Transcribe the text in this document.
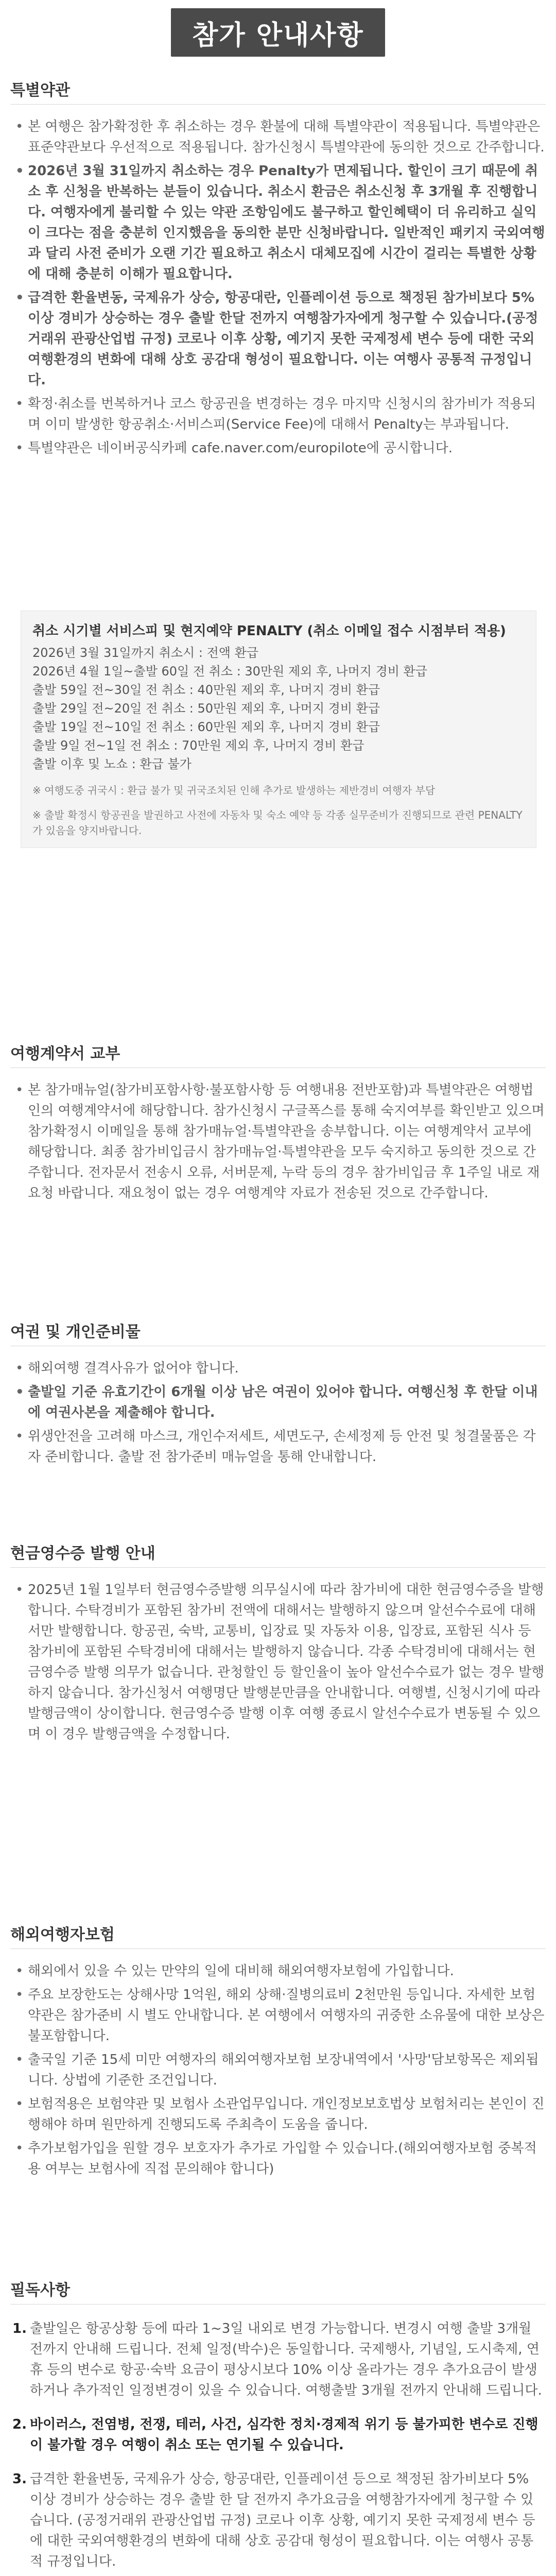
참가 안내사항
특별약관
• 본 여행은 참가확정한 후 취소하는 경우 환불에 대해 특별약관이 적용됩니다. 특별약관은 표준약관보다 우선적으로 적용됩니다. 참가신청시 특별약관에 동의한 것으로 간주합니다.
• 2026년 3월 31일까지 취소하는 경우 Penalty가 면제됩니다. 할인이 크기 때문에 취소 후 신청을 반복하는 분들이 있습니다. 취소시 환금은 취소신청 후 3개월 후 진행합니다. 여행자에게 불리할 수 있는 약관 조항임에도 불구하고 할인혜택이 더 유리하고 실익이 크다는 점을 충분히 인지했음을 동의한 분만 신청바랍니다. 일반적인 패키지 국외여행과 달리 사전 준비가 오랜 기간 필요하고 취소시 대체모집에 시간이 걸리는 특별한 상황에 대해 충분히 이해가 필요합니다.
• 급격한 환율변동, 국제유가 상승, 항공대란, 인플레이션 등으로 책정된 참가비보다 5% 이상 경비가 상승하는 경우 출발 한달 전까지 여행참가자에게 청구할 수 있습니다.(공정거래위 관광산업법 규정) 코로나 이후 상황, 예기지 못한 국제정세 변수 등에 대한 국외여행환경의 변화에 대해 상호 공감대 형성이 필요합니다. 이는 여행사 공통적 규정입니다.
• 확정·취소를 번복하거나 코스 항공권을 변경하는 경우 마지막 신청시의 참가비가 적용되며 이미 발생한 항공취소·서비스피(Service Fee)에 대해서 Penalty는 부과됩니다.
• 특별약관은 네이버공식카페 cafe.naver.com/europilote에 공시합니다.
취소 시기별 서비스피 및 현지예약 PENALTY (취소 이메일 접수 시점부터 적용)
2026년 3월 31일까지 취소시 : 전액 환급
2026년 4월 1일~출발 60일 전 취소 : 30만원 제외 후, 나머지 경비 환급
출발 59일 전~30일 전 취소 : 40만원 제외 후, 나머지 경비 환급
출발 29일 전~20일 전 취소 : 50만원 제외 후, 나머지 경비 환급
출발 19일 전~10일 전 취소 : 60만원 제외 후, 나머지 경비 환급
출발 9일 전~1일 전 취소 : 70만원 제외 후, 나머지 경비 환급
출발 이후 및 노쇼 : 환급 불가
※ 여행도중 귀국시 : 환급 불가 및 귀국조치된 인해 추가로 발생하는 제반경비 여행자 부담
※ 출발 확정시 항공권을 발권하고 사전에 자동차 및 숙소 예약 등 각종 실무준비가 진행되므로 관련 PENALTY가 있음을 양지바랍니다.
여행계약서 교부
• 본 참가매뉴얼(참가비포함사항·불포함사항 등 여행내용 전반포함)과 특별약관은 여행법인의 여행계약서에 해당합니다. 참가신청시 구글폭스를 통해 숙지여부를 확인받고 있으며 참가확정시 이메일을 통해 참가매뉴얼·특별약관을 송부합니다. 이는 여행계약서 교부에 해당합니다. 최종 참가비입금시 참가매뉴얼·특별약관을 모두 숙지하고 동의한 것으로 간주합니다. 전자문서 전송시 오류, 서버문제, 누락 등의 경우 참가비입금 후 1주일 내로 재요청 바랍니다. 재요청이 없는 경우 여행계약 자료가 전송된 것으로 간주합니다.
여권 및 개인준비물
• 해외여행 결격사유가 없어야 합니다.
• 출발일 기준 유효기간이 6개월 이상 남은 여권이 있어야 합니다. 여행신청 후 한달 이내에 여권사본을 제출해야 합니다.
• 위생안전을 고려해 마스크, 개인수저세트, 세면도구, 손세정제 등 안전 및 청결물품은 각자 준비합니다. 출발 전 참가준비 매뉴얼을 통해 안내합니다.
현금영수증 발행 안내
• 2025년 1월 1일부터 현금영수증발행 의무실시에 따라 참가비에 대한 현금영수증을 발행합니다. 수탁경비가 포함된 참가비 전액에 대해서는 발행하지 않으며 알선수수료에 대해서만 발행합니다. 항공권, 숙박, 교통비, 입장료 및 자동차 이용, 입장료, 포함된 식사 등 참가비에 포함된 수탁경비에 대해서는 발행하지 않습니다. 각종 수탁경비에 대해서는 현금영수증 발행 의무가 없습니다. 관청할인 등 할인율이 높아 알선수수료가 없는 경우 발행하지 않습니다. 참가신청서 여행명단 발행분만큼을 안내합니다. 여행별, 신청시기에 따라 발행금액이 상이합니다. 현금영수증 발행 이후 여행 종료시 알선수수료가 변동될 수 있으며 이 경우 발행금액을 수정합니다.
해외여행자보험
• 해외에서 있을 수 있는 만약의 일에 대비해 해외여행자보험에 가입합니다.
• 주요 보장한도는 상해사망 1억원, 해외 상해·질병의료비 2천만원 등입니다. 자세한 보험약관은 참가준비 시 별도 안내합니다. 본 여행에서 여행자의 귀중한 소유물에 대한 보상은 불포함합니다.
• 출국일 기준 15세 미만 여행자의 해외여행자보험 보장내역에서 '사망'담보항목은 제외됩니다. 상법에 기준한 조건입니다.
• 보험적용은 보험약관 및 보험사 소관업무입니다. 개인정보보호법상 보험처리는 본인이 진행해야 하며 원만하게 진행되도록 주최측이 도움을 줍니다.
• 추가보험가입을 원할 경우 보호자가 추가로 가입할 수 있습니다.(해외여행자보험 중복적용 여부는 보험사에 직접 문의해야 합니다)
필독사항
1. 출발일은 항공상황 등에 따라 1~3일 내외로 변경 가능합니다. 변경시 여행 출발 3개월 전까지 안내해 드립니다. 전체 일정(박수)은 동일합니다. 국제행사, 기념일, 도시축제, 연휴 등의 변수로 항공·숙박 요금이 평상시보다 10% 이상 올라가는 경우 추가요금이 발생하거나 추가적인 일정변경이 있을 수 있습니다. 여행출발 3개월 전까지 안내해 드립니다.
2. 바이러스, 전염병, 전쟁, 테러, 사건, 심각한 정치·경제적 위기 등 불가피한 변수로 진행이 불가할 경우 여행이 취소 또는 연기될 수 있습니다.
3. 급격한 환율변동, 국제유가 상승, 항공대란, 인플레이션 등으로 책정된 참가비보다 5% 이상 경비가 상승하는 경우 출발 한 달 전까지 추가요금을 여행참가자에게 청구할 수 있습니다. (공정거래위 관광산업법 규정) 코로나 이후 상황, 예기지 못한 국제정세 변수 등에 대한 국외여행환경의 변화에 대해 상호 공감대 형성이 필요합니다. 이는 여행사 공통적 규정입니다.
